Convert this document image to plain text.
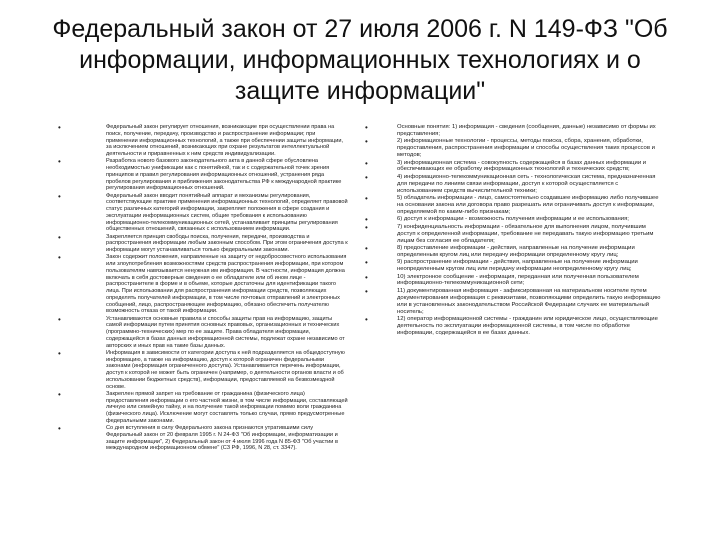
Федеральный закон от 27 июля 2006 г. N 149-ФЗ "Об информации, информационных технологиях и о защите информации"
• Федеральный закон регулирует отношения, возникающие при осуществлении права на поиск, получение, передачу, производство и распространение информации; при применении информационных технологий, а также при обеспечении защиты информации, за исключением отношений, возникающих при охране результатов интеллектуальной деятельности и приравненных к ним средств индивидуализации.
• Разработка нового базового законодательного акта в данной сфере обусловлена необходимостью унификации как с понятийной, так и с содержательной точек зрения принципов и правил регулирования информационных отношений, устранения ряда пробелов регулирования и приближения законодательства РФ к международной практике регулирования информационных отношений.
• Федеральный закон вводит понятийный аппарат и механизмы регулирования, соответствующие практике применения информационных технологий, определяет правовой статус различных категорий информации, закрепляет положения в сфере создания и эксплуатации информационных систем, общие требования к использованию информационно-телекоммуникационных сетей, устанавливает принципы регулирования общественных отношений, связанных с использованием информации.
• Закрепляется принцип свободы поиска, получения, передачи, производства и распространения информации любым законным способом. При этом ограничения доступа к информации могут устанавливаться только федеральными законами.
• Закон содержит положения, направленные на защиту от недобросовестного использования или злоупотребления возможностями средств распространения информации, при котором пользователям навязывается ненужная им информация. В частности, информация должна включать в себя достоверные сведения о ее обладателе или об ином лице - распространителе в форме и в объеме, которые достаточны для идентификации такого лица. При использовании для распространения информации средств, позволяющих определять получателей информации, в том числе почтовых отправлений и электронных сообщений, лицо, распространяющее информацию, обязано обеспечить получателю возможность отказа от такой информации.
• Устанавливаются основные правила и способы защиты прав на информацию, защиты самой информации путем принятия основных правовых, организационных и технических (программно-технических) мер по ее защите. Права обладателя информации, содержащейся в базах данных информационной системы, подлежат охране независимо от авторских и иных прав на такие базы данных.
• Информация в зависимости от категории доступа к ней подразделяется на общедоступную информацию, а также на информацию, доступ к которой ограничен федеральными законами (информация ограниченного доступа). Устанавливается перечень информации, доступ к которой не может быть ограничен (например, о деятельности органов власти и об использовании бюджетных средств), информации, предоставляемой на безвозмездной основе.
• Закреплен прямой запрет на требование от гражданина (физического лица) предоставления информации о его частной жизни, в том числе информации, составляющей личную или семейную тайну, и на получение такой информации помимо воли гражданина (физического лица). Исключение могут составлять только случаи, прямо предусмотренные федеральными законами.
• Со дня вступления в силу Федерального закона признаются утратившими силу Федеральный закон от 20 февраля 1995 г. N 24-ФЗ "Об информации, информатизации и защите информации", 2) Федеральный закон от 4 июля 1996 года N 85-ФЗ "Об участии в международном информационном обмене" (СЗ РФ, 1996, N 28, ст. 3347).
• Основные понятия: 1) информация - сведения (сообщения, данные) независимо от формы их представления;
• 2) информационные технологии - процессы, методы поиска, сбора, хранения, обработки, предоставления, распространения информации и способы осуществления таких процессов и методов;
• 3) информационная система - совокупность содержащейся в базах данных информации и обеспечивающих ее обработку информационных технологий и технических средств;
• 4) информационно-телекоммуникационная сеть - технологическая система, предназначенная для передачи по линиям связи информации, доступ к которой осуществляется с использованием средств вычислительной техники;
• 5) обладатель информации - лицо, самостоятельно создавшее информацию либо получившее на основании закона или договора право разрешать или ограничивать доступ к информации, определяемой по каким-либо признакам;
• 6) доступ к информации - возможность получения информации и ее использования;
• 7) конфиденциальность информации - обязательное для выполнения лицом, получившим доступ к определенной информации, требование не передавать такую информацию третьим лицам без согласия ее обладателя;
• 8) предоставление информации - действия, направленные на получение информации определенным кругом лиц или передачу информации определенному кругу лиц;
• 9) распространение информации - действия, направленные на получение информации неопределенным кругом лиц или передачу информации неопределенному кругу лиц;
• 10) электронное сообщение - информация, переданная или полученная пользователем информационно-телекоммуникационной сети;
• 11) документированная информация - зафиксированная на материальном носителе путем документирования информация с реквизитами, позволяющими определить такую информацию или в установленных законодательством Российской Федерации случаях ее материальный носитель;
• 12) оператор информационной системы - гражданин или юридическое лицо, осуществляющие деятельность по эксплуатации информационной системы, в том числе по обработке информации, содержащейся в ее базах данных.
